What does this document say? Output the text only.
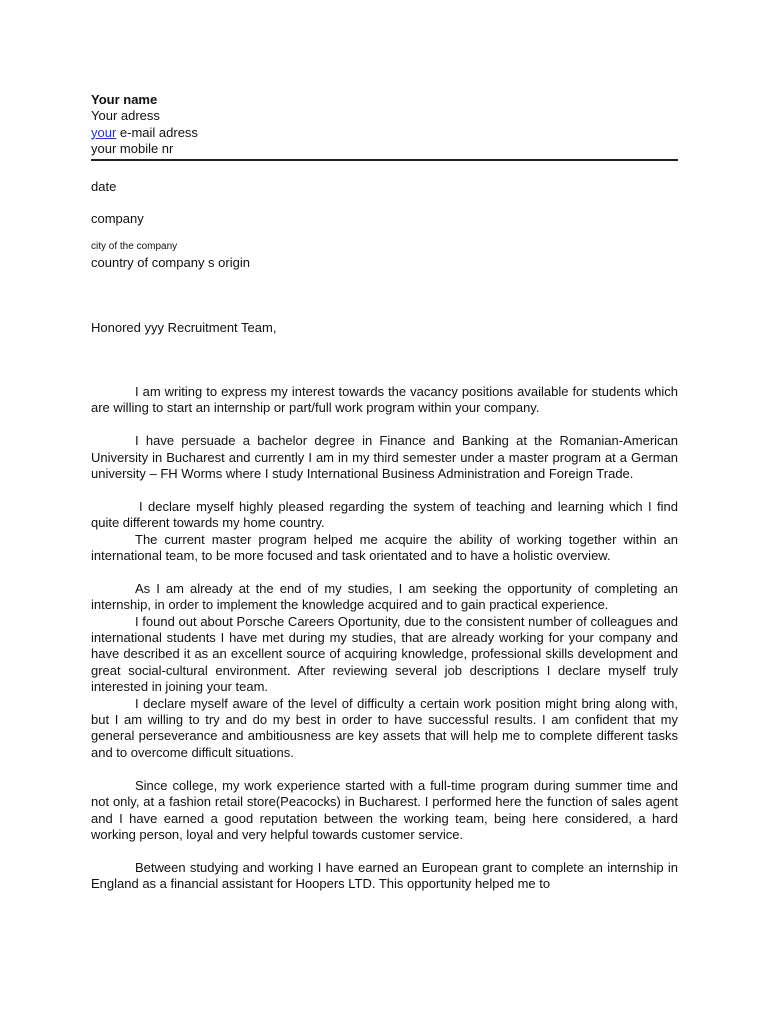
Your name
Your adress
your e-mail adress
your mobile nr
date
company
city of the company
country of company s origin
Honored yyy Recruitment Team,

I am writing to express my interest towards the vacancy positions available for students which are willing to start an internship or part/full work program within your company.

I have persuade a bachelor degree in Finance and Banking at the Romanian-American University in Bucharest and currently I am in my third semester under a master program at a German university – FH Worms where I study International Business Administration and Foreign Trade.

I declare myself highly pleased regarding the system of teaching and learning which I find quite different towards my home country.

The current master program helped me acquire the ability of working together within an international team, to be more focused and task orientated and to have a holistic overview.

As I am already at the end of my studies, I am seeking the opportunity of completing an internship, in order to implement the knowledge acquired and to gain practical experience.

I found out about Porsche Careers Oportunity, due to the consistent number of colleagues and international students I have met during my studies, that are already working for your company and have described it as an excellent source of acquiring knowledge, professional skills development and great social-cultural environment. After reviewing several job descriptions I declare myself truly interested in joining your team.

I declare myself aware of the level of difficulty a certain work position might bring along with, but I am willing to try and do my best in order to have successful results. I am confident that my general perseverance and ambitiousness are key assets that will help me to complete different tasks and to overcome difficult situations.

Since college, my work experience started with a full-time program during summer time and not only, at a fashion retail store(Peacocks) in Bucharest. I performed here the function of sales agent and I have earned a good reputation between the working team, being here considered, a hard working person, loyal and very helpful towards customer service.

Between studying and working I have earned an European grant to complete an internship in England as a financial assistant for Hoopers LTD. This opportunity helped me to
